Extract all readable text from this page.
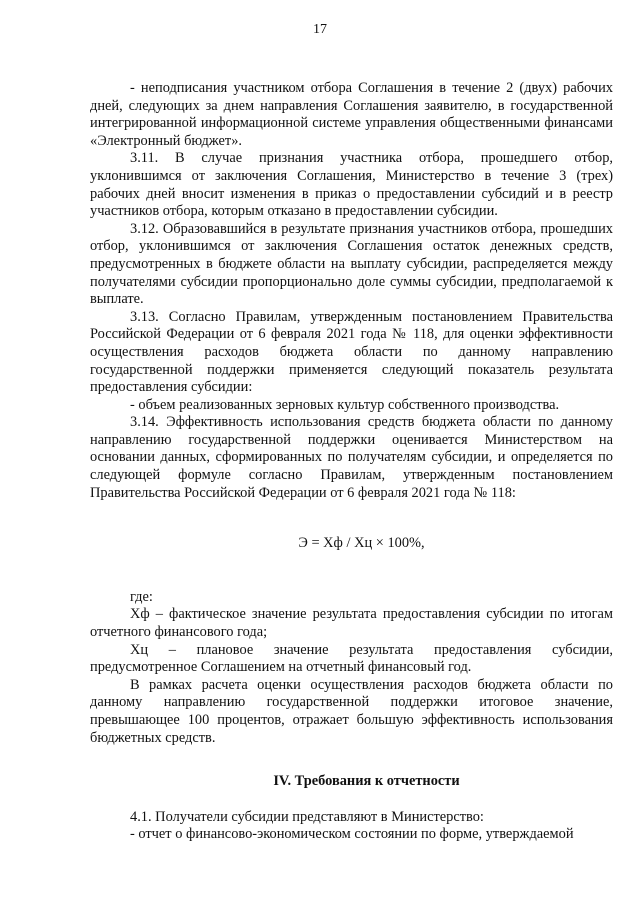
17

- неподписания участником отбора Соглашения в течение 2 (двух) рабочих дней, следующих за днем направления Соглашения заявителю, в государственной интегрированной информационной системе управления общественными финансами «Электронный бюджет».

3.11. В случае признания участника отбора, прошедшего отбор, уклонившимся от заключения Соглашения, Министерство в течение 3 (трех) рабочих дней вносит изменения в приказ о предоставлении субсидий и в реестр участников отбора, которым отказано в предоставлении субсидии.

3.12. Образовавшийся в результате признания участников отбора, прошедших отбор, уклонившимся от заключения Соглашения остаток денежных средств, предусмотренных в бюджете области на выплату субсидии, распределяется между получателями субсидии пропорционально доле суммы субсидии, предполагаемой к выплате.

3.13. Согласно Правилам, утвержденным постановлением Правительства Российской Федерации от 6 февраля 2021 года № 118, для оценки эффективности осуществления расходов бюджета области по данному направлению государственной поддержки применяется следующий показатель результата предоставления субсидии:

- объем реализованных зерновых культур собственного производства.

3.14. Эффективность использования средств бюджета области по данному направлению государственной поддержки оценивается Министерством на основании данных, сформированных по получателям субсидии, и определяется по следующей формуле согласно Правилам, утвержденным постановлением Правительства Российской Федерации от 6 февраля 2021 года № 118:

Э = Хф / Хц × 100%,

где:

Хф – фактическое значение результата предоставления субсидии по итогам отчетного финансового года;

Хц – плановое значение результата предоставления субсидии, предусмотренное Соглашением на отчетный финансовый год.

В рамках расчета оценки осуществления расходов бюджета области по данному направлению государственной поддержки итоговое значение, превышающее 100 процентов, отражает большую эффективность использования бюджетных средств.

IV. Требования к отчетности

4.1. Получатели субсидии представляют в Министерство:

- отчет о финансово-экономическом состоянии по форме, утверждаемой
